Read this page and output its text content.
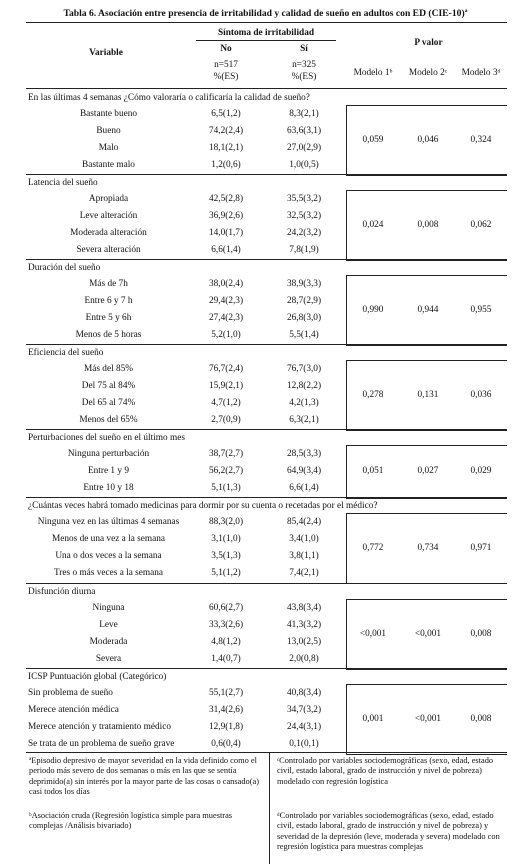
Tabla 6. Asociación entre presencia de irritabilidad y calidad de sueño en adultos con ED (CIE-10)ª
Variable
Síntoma de irritabilidad
No	Sí
n=517	n=325
%(ES)	%(ES)
P valor
Modelo 1ᵇ	Modelo 2ᶜ	Modelo 3ᵈ
En las últimas 4 semanas ¿Cómo valoraría o calificaría la calidad de sueño?
Bastante bueno	6,5(1,2)	8,3(2,1)
Bueno	74,2(2,4)	63,6(3,1)
Malo	18,1(2,1)	27,0(2,9)
Bastante malo	1,2(0,6)	1,0(0,5)
0,059	0,046	0,324
Latencia del sueño
Apropiada	42,5(2,8)	35,5(3,2)
Leve alteración	36,9(2,6)	32,5(3,2)
Moderada alteración	14,0(1,7)	24,2(3,2)
Severa alteración	6,6(1,4)	7,8(1,9)
0,024	0,008	0,062
Duración del sueño
Más de 7h	38,0(2,4)	38,9(3,3)
Entre 6 y 7 h	29,4(2,3)	28,7(2,9)
Entre 5 y 6h	27,4(2,3)	26,8(3,0)
Menos de 5 horas	5,2(1,0)	5,5(1,4)
0,990	0,944	0,955
Eficiencia del sueño
Más del 85%	76,7(2,4)	76,7(3,0)
Del 75 al 84%	15,9(2,1)	12,8(2,2)
Del 65 al 74%	4,7(1,2)	4,2(1,3)
Menos del 65%	2,7(0,9)	6,3(2,1)
0,278	0,131	0,036
Perturbaciones del sueño en el último mes
Ninguna perturbación	38,7(2,7)	28,5(3,3)
Entre 1 y 9	56,2(2,7)	64,9(3,4)
Entre 10 y 18	5,1(1,3)	6,6(1,4)
0,051	0,027	0,029
¿Cuántas veces habrá tomado medicinas para dormir por su cuenta o recetadas por el médico?
Ninguna vez en las últimas 4 semanas	88,3(2,0)	85,4(2,4)
Menos de una vez a la semana	3,1(1,0)	3,4(1,0)
Una o dos veces a la semana	3,5(1,3)	3,8(1,1)
Tres o más veces a la semana	5,1(1,2)	7,4(2,1)
0,772	0,734	0,971
Disfunción diurna
Ninguna	60,6(2,7)	43,8(3,4)
Leve	33,3(2,6)	41,3(3,2)
Moderada	4,8(1,2)	13,0(2,5)
Severa	1,4(0,7)	2,0(0,8)
<0,001	<0,001	0,008
ICSP Puntuación global (Categórico)
Sin problema de sueño	55,1(2,7)	40,8(3,4)
Merece atención médica	31,4(2,6)	34,7(3,2)
Merece atención y tratamiento médico	12,9(1,8)	24,4(3,1)
Se trata de un problema de sueño grave	0,6(0,4)	0,1(0,1)
0,001	<0,001	0,008
ªEpisodio depresivo de mayor severidad en la vida definido como el periodo más severo de dos semanas o más en las que se sentía deprimido(a) sin interés por la mayor parte de las cosas o cansado(a) casi todos los días
ᵇAsociación cruda (Regresión logística simple para muestras complejas /Análisis bivariado)
ᶜControlado por variables sociodemográficas (sexo, edad, estado civil, estado laboral, grado de instrucción y nivel de pobreza) modelado con regresión logística
ᵈControlado por variables sociodemográficas (sexo, edad, estado civil, estado laboral, grado de instrucción y nivel de pobreza) y severidad de la depresión (leve, moderada y severa) modelado con regresión logística para muestras complejas
